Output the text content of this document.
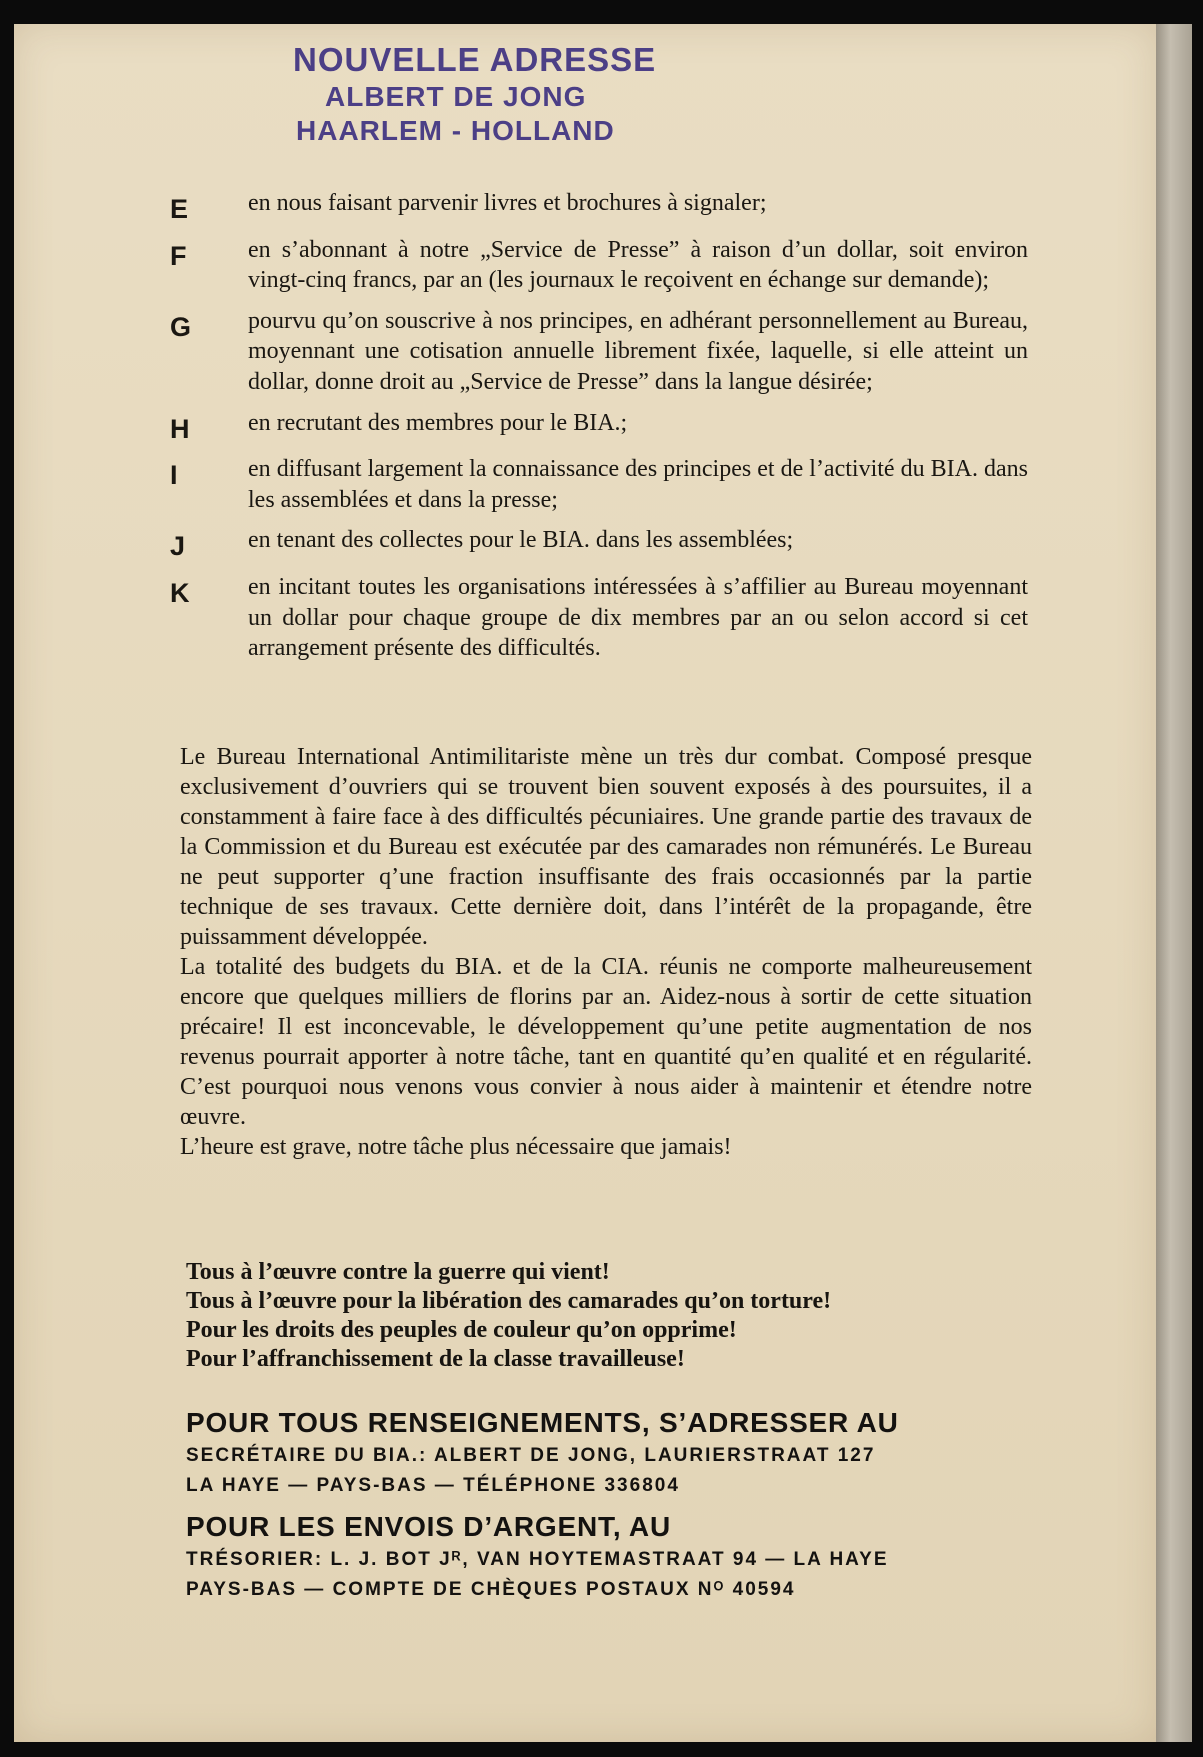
NOUVELLE ADRESSE
ALBERT DE JONG
HAARLEM - HOLLAND
E	en nous faisant parvenir livres et brochures à signaler;
F	en s’abonnant à notre „Service de Presse” à raison d’un dollar, soit environ vingt-cinq francs, par an (les journaux le reçoivent en échange sur demande);
G	pourvu qu’on souscrive à nos principes, en adhérant personnellement au Bureau, moyennant une cotisation annuelle librement fixée, laquelle, si elle atteint un dollar, donne droit au „Service de Presse” dans la langue désirée;
H	en recrutant des membres pour le BIA.;
I	en diffusant largement la connaissance des principes et de l’activité du BIA. dans les assemblées et dans la presse;
J	en tenant des collectes pour le BIA. dans les assemblées;
K	en incitant toutes les organisations intéressées à s’affilier au Bureau moyennant un dollar pour chaque groupe de dix membres par an ou selon accord si cet arrangement présente des difficultés.

Le Bureau International Antimilitariste mène un très dur combat. Composé presque exclusivement d’ouvriers qui se trouvent bien souvent exposés à des poursuites, il a constamment à faire face à des difficultés pécuniaires. Une grande partie des travaux de la Commission et du Bureau est exécutée par des camarades non rémunérés. Le Bureau ne peut supporter q’une fraction insuffisante des frais occasionnés par la partie technique de ses travaux. Cette dernière doit, dans l’intérêt de la propagande, être puissamment développée.

La totalité des budgets du BIA. et de la CIA. réunis ne comporte malheureusement encore que quelques milliers de florins par an. Aidez-nous à sortir de cette situation précaire! Il est inconcevable, le développement qu’une petite augmentation de nos revenus pourrait apporter à notre tâche, tant en quantité qu’en qualité et en régularité. C’est pourquoi nous venons vous convier à nous aider à maintenir et étendre notre œuvre.

L’heure est grave, notre tâche plus nécessaire que jamais!

Tous à l’œuvre contre la guerre qui vient!
Tous à l’œuvre pour la libération des camarades qu’on torture!
Pour les droits des peuples de couleur qu’on opprime!
Pour l’affranchissement de la classe travailleuse!
POUR TOUS RENSEIGNEMENTS, S’ADRESSER AU
SECRÉTAIRE DU BIA.: ALBERT DE JONG, LAURIERSTRAAT 127
LA HAYE — PAYS-BAS — TÉLÉPHONE 336804
POUR LES ENVOIS D’ARGENT, AU
TRÉSORIER: L. J. BOT Jᴿ, VAN HOYTEMASTRAAT 94 — LA HAYE
PAYS-BAS — COMPTE DE CHÈQUES POSTAUX Nᴼ 40594
